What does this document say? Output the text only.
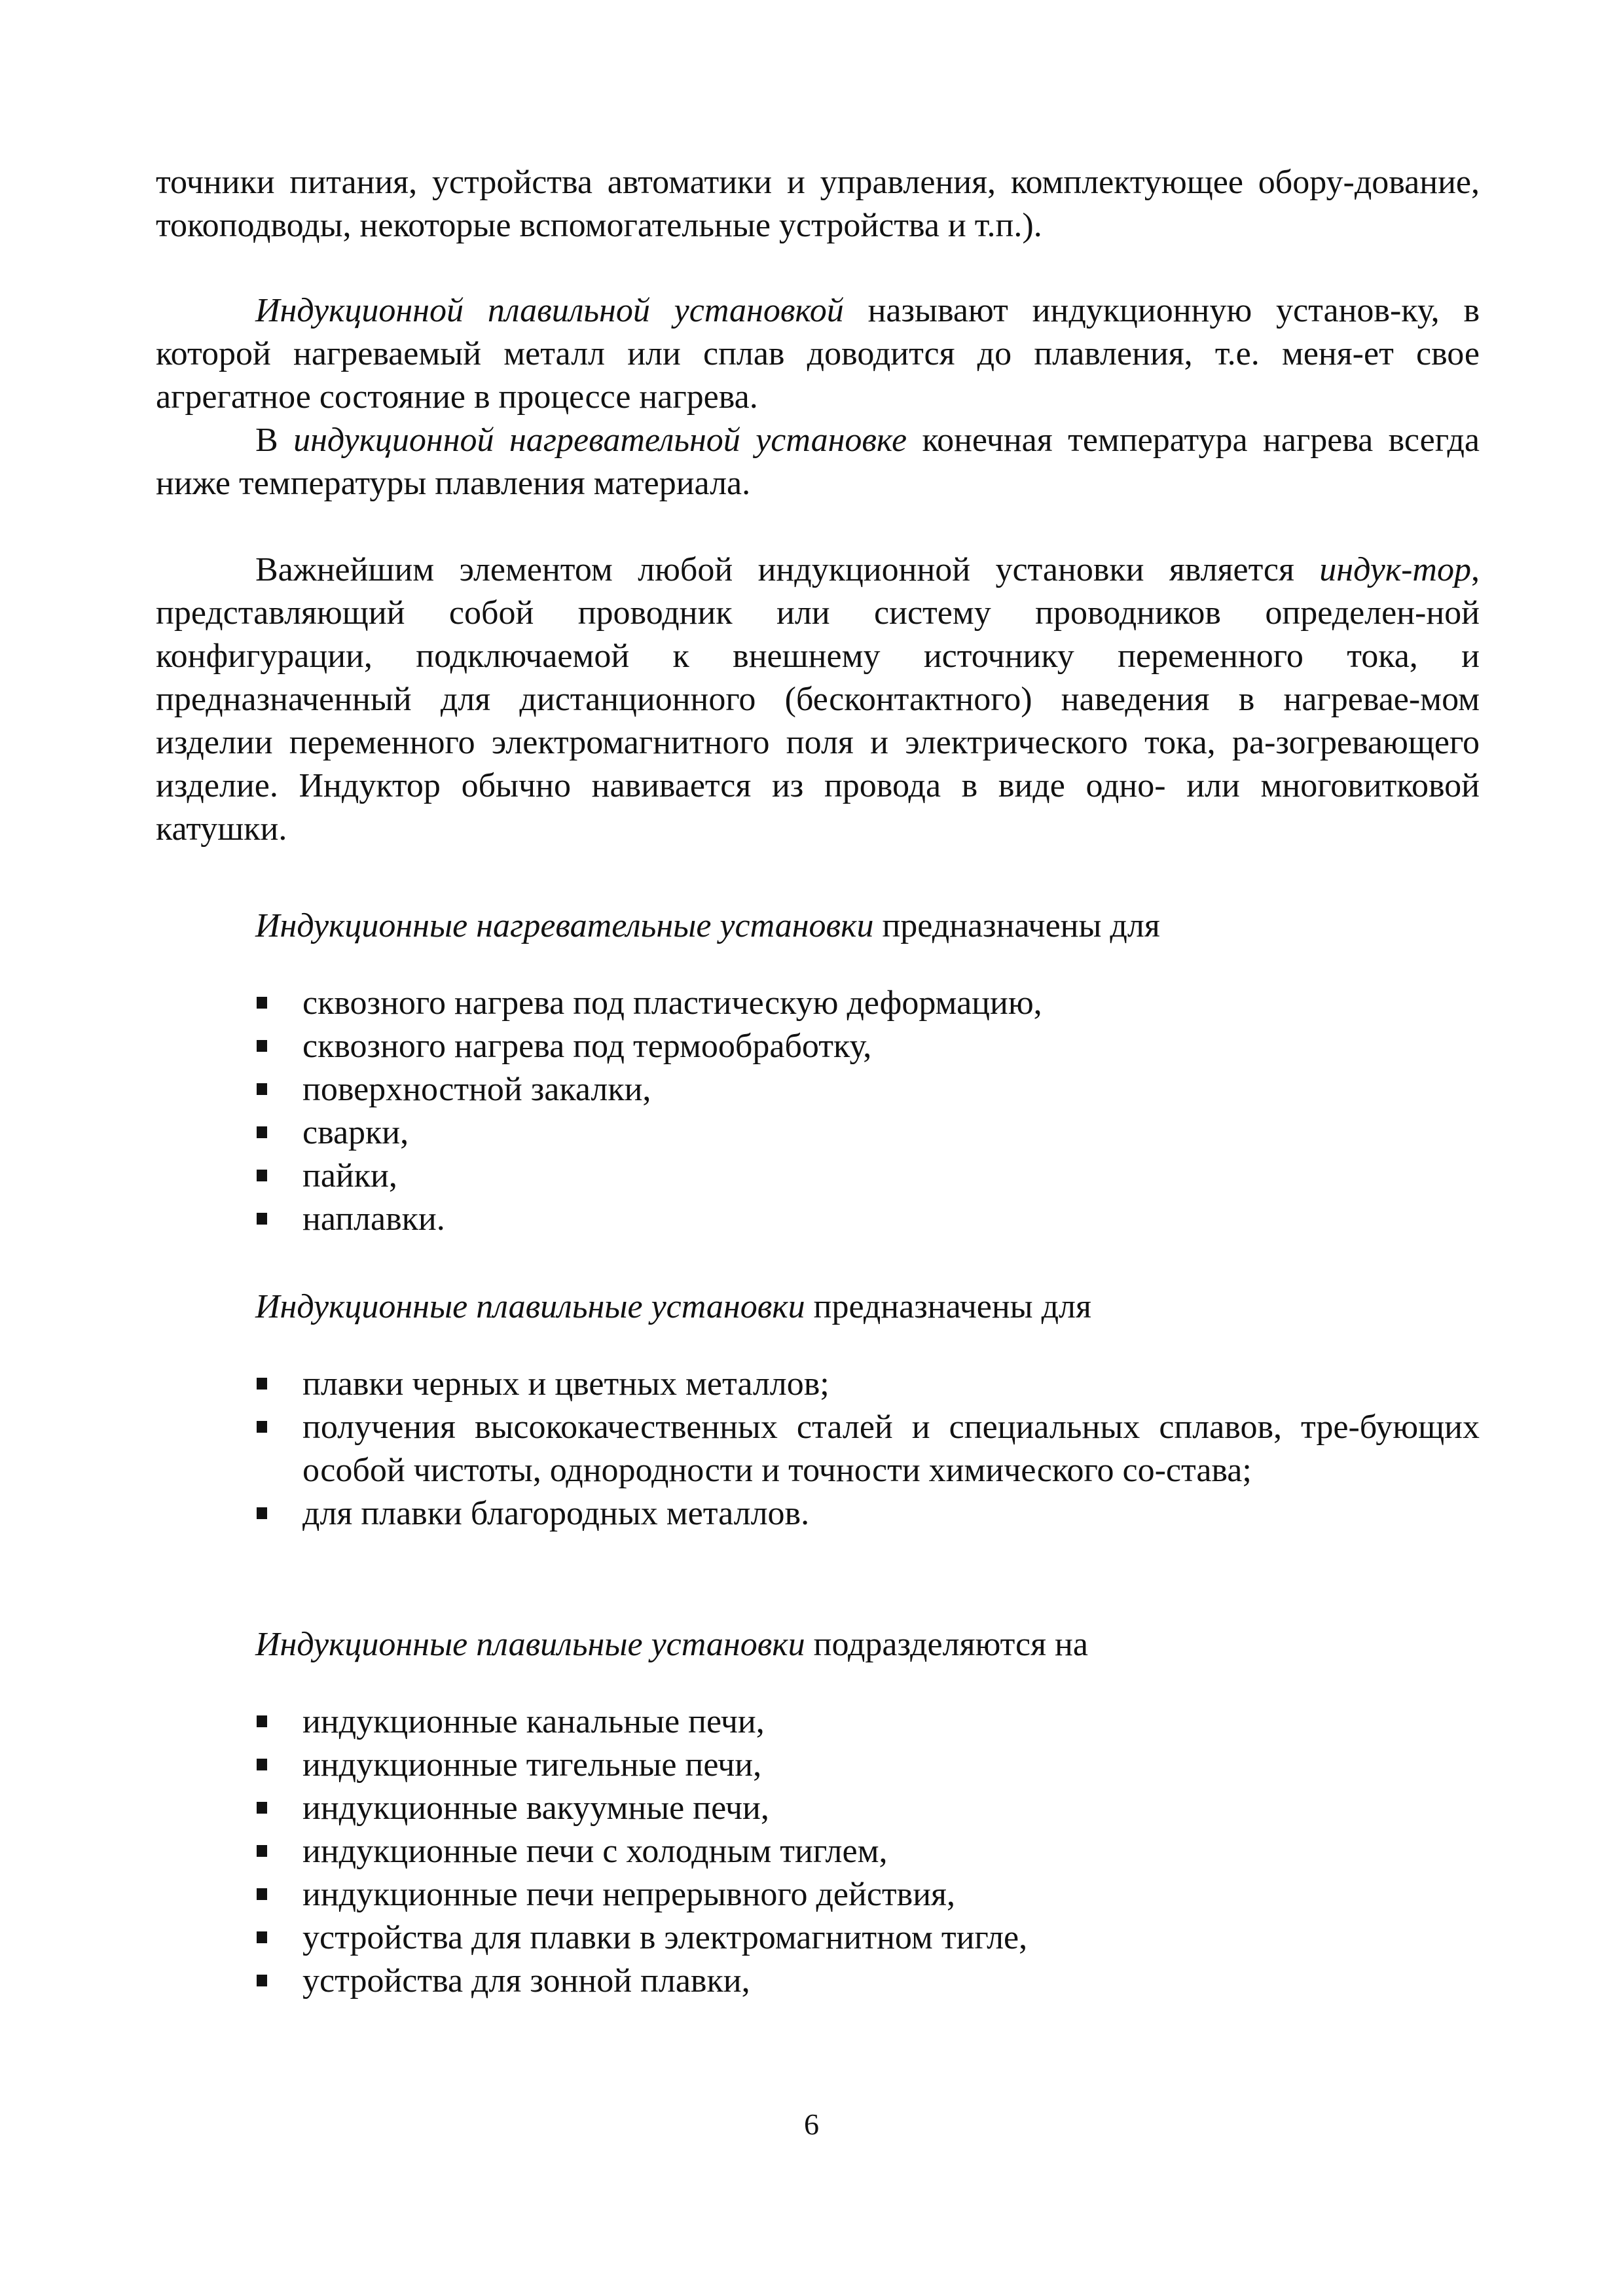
точники питания, устройства автоматики и управления, комплектующее обору-дование, токоподводы, некоторые вспомогательные устройства и т.п.).

Индукционной плавильной установкой называют индукционную установ-ку, в которой нагреваемый металл или сплав доводится до плавления, т.е. меня-ет свое агрегатное состояние в процессе нагрева.

В индукционной нагревательной установке конечная температура нагрева всегда ниже температуры плавления материала.

Важнейшим элементом любой индукционной установки является индук-тор, представляющий собой проводник или систему проводников определен-ной конфигурации, подключаемой к внешнему источнику переменного тока, и предназначенный для дистанционного (бесконтактного) наведения в нагревае-мом изделии переменного электромагнитного поля и электрического тока, ра-зогревающего изделие. Индуктор обычно навивается из провода в виде одно- или многовитковой катушки.

Индукционные нагревательные установки предназначены для

сквозного нагрева под пластическую деформацию,
сквозного нагрева под термообработку,
поверхностной закалки,
сварки,
пайки,
наплавки.

Индукционные плавильные установки предназначены для

плавки черных и цветных металлов;
получения высококачественных сталей и специальных сплавов, тре-бующих особой чистоты, однородности и точности химического со-става;
для плавки благородных металлов.

Индукционные плавильные установки подразделяются на

индукционные канальные печи,
индукционные тигельные печи,
индукционные вакуумные печи,
индукционные печи с холодным тиглем,
индукционные печи непрерывного действия,
устройства для плавки в электромагнитном тигле,
устройства для зонной плавки,
6
